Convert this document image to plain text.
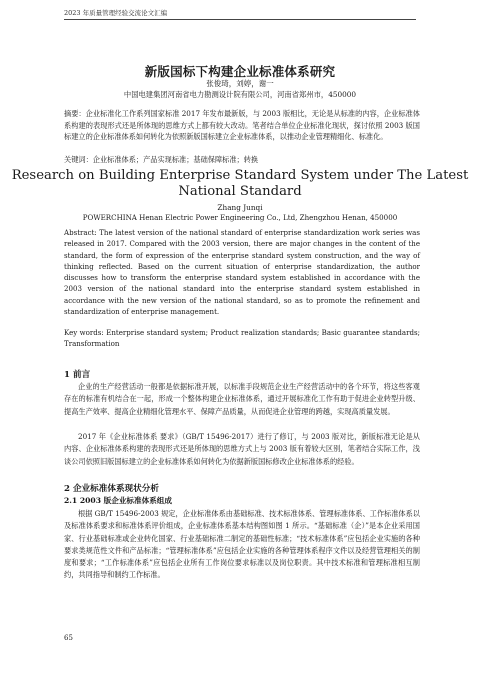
2023 年质量管理经验交流论文汇编
新版国标下构建企业标准体系研究
张俊琦，刘婷，谢一
中国电建集团河南省电力勘测设计院有限公司，河南省郑州市，450000
摘要：企业标准化工作系列国家标准 2017 年发布最新版，与 2003 版相比，无论是从标准的内容，企业标准体系构建的表现形式还是所体现的思维方式上都有较大改动。笔者结合单位企业标准化现状，探讨依照 2003 版国标建立的企业标准体系如何转化为依照新版国标建立企业标准体系，以推动企业管理精细化、标准化。
关键词：企业标准体系；产品实现标准；基础保障标准；转换
Research on Building Enterprise Standard System under The Latest National Standard
Zhang Junqi
POWERCHINA Henan Electric Power Engineering Co., Ltd, Zhengzhou Henan, 450000
Abstract: The latest version of the national standard of enterprise standardization work series was released in 2017. Compared with the 2003 version, there are major changes in the content of the standard, the form of expression of the enterprise standard system construction, and the way of thinking reflected. Based on the current situation of enterprise standardization, the author discusses how to transform the enterprise standard system established in accordance with the 2003 version of the national standard into the enterprise standard system established in accordance with the new version of the national standard, so as to promote the refinement and standardization of enterprise management.
Key words: Enterprise standard system; Product realization standards; Basic guarantee standards; Transformation
1 前言
企业的生产经营活动一般都是依据标准开展，以标准手段规范企业生产经营活动中的各个环节，将这些客观存在的标准有机结合在一起，形成一个整体构建企业标准体系，通过开展标准化工作有助于促进企业转型升级、提高生产效率、提高企业精细化管理水平、保障产品质量，从而促进企业管理的跨越，实现高质量发展。
2017 年《企业标准体系 要求》（GB/T 15496-2017）进行了修订，与 2003 版对比，新版标准无论是从内容、企业标准体系构建的表现形式还是所体现的思维方式上与 2003 版有着较大区别，笔者结合实际工作，浅谈公司依照旧版国标建立的企业标准体系如何转化为依据新版国标修改企业标准体系的经验。
2 企业标准体系现状分析
2.1 2003 版企业标准体系组成
根据 GB/T 15496-2003 规定，企业标准体系由基础标准、技术标准体系、管理标准体系、工作标准体系以及标准体系要求和标准体系评价组成，企业标准体系基本结构图如图 1 所示。“基础标准（企）”是本企业采用国家、行业基础标准或企业转化国家、行业基础标准二制定的基础性标准；“技术标准体系”应包括企业实施的各种要求类规范性文件和产品标准；“管理标准体系”应包括企业实施的各种管理体系程序文件以及经营管理相关的制度和要求；“工作标准体系”应包括企业所有工作岗位要求标准以及岗位职责。其中技术标准和管理标准相互制约，共同指导和制约工作标准。
65
